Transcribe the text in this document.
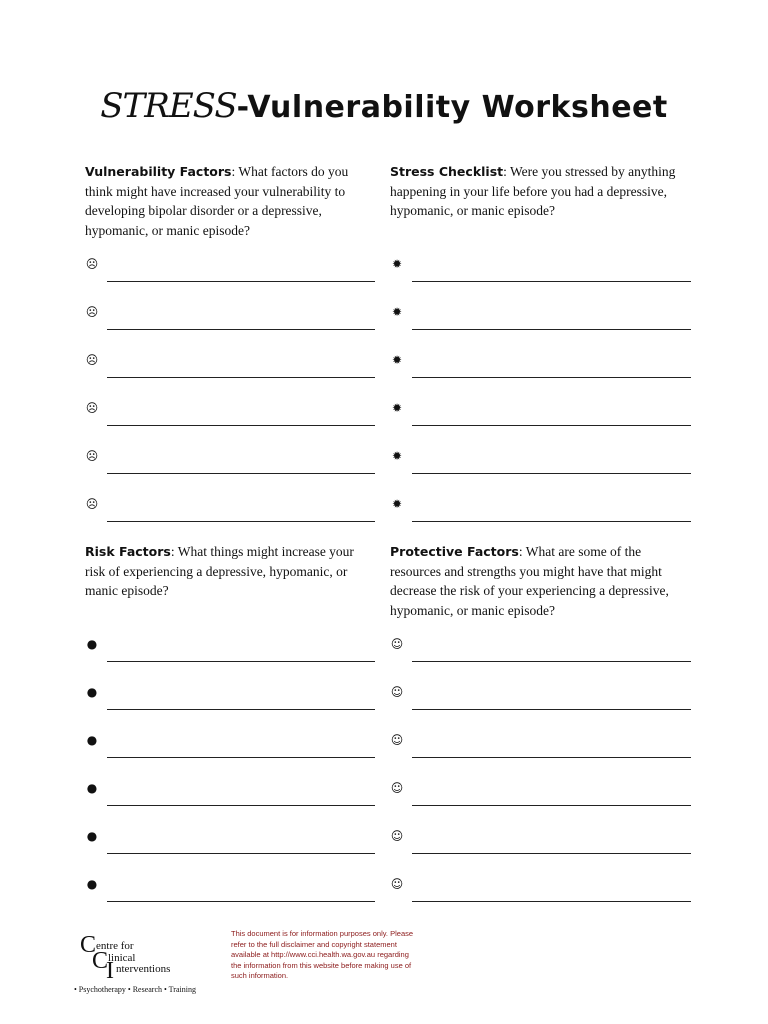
STRESS-Vulnerability Worksheet

Vulnerability Factors: What factors do you think might have increased your vulnerability to developing bipolar disorder or a depressive, hypomanic, or manic episode?

☹
☹
☹
☹
☹
☹

Stress Checklist: Were you stressed by anything happening in your life before you had a depressive, hypomanic, or manic episode?

✹
✹
✹
✹
✹
✹

Risk Factors: What things might increase your risk of experiencing a depressive, hypomanic, or manic episode?

●
●
●
●
●
●

Protective Factors: What are some of the resources and strengths you might have that might decrease the risk of your experiencing a depressive, hypomanic, or manic episode?

☺
☺
☺
☺
☺
☺
C entre for
C linical
I nterventions
• Psychotherapy • Research • Training
This document is for information purposes only. Please refer to the full disclaimer and copyright statement available at http://www.cci.health.wa.gov.au regarding the information from this website before making use of such information.
